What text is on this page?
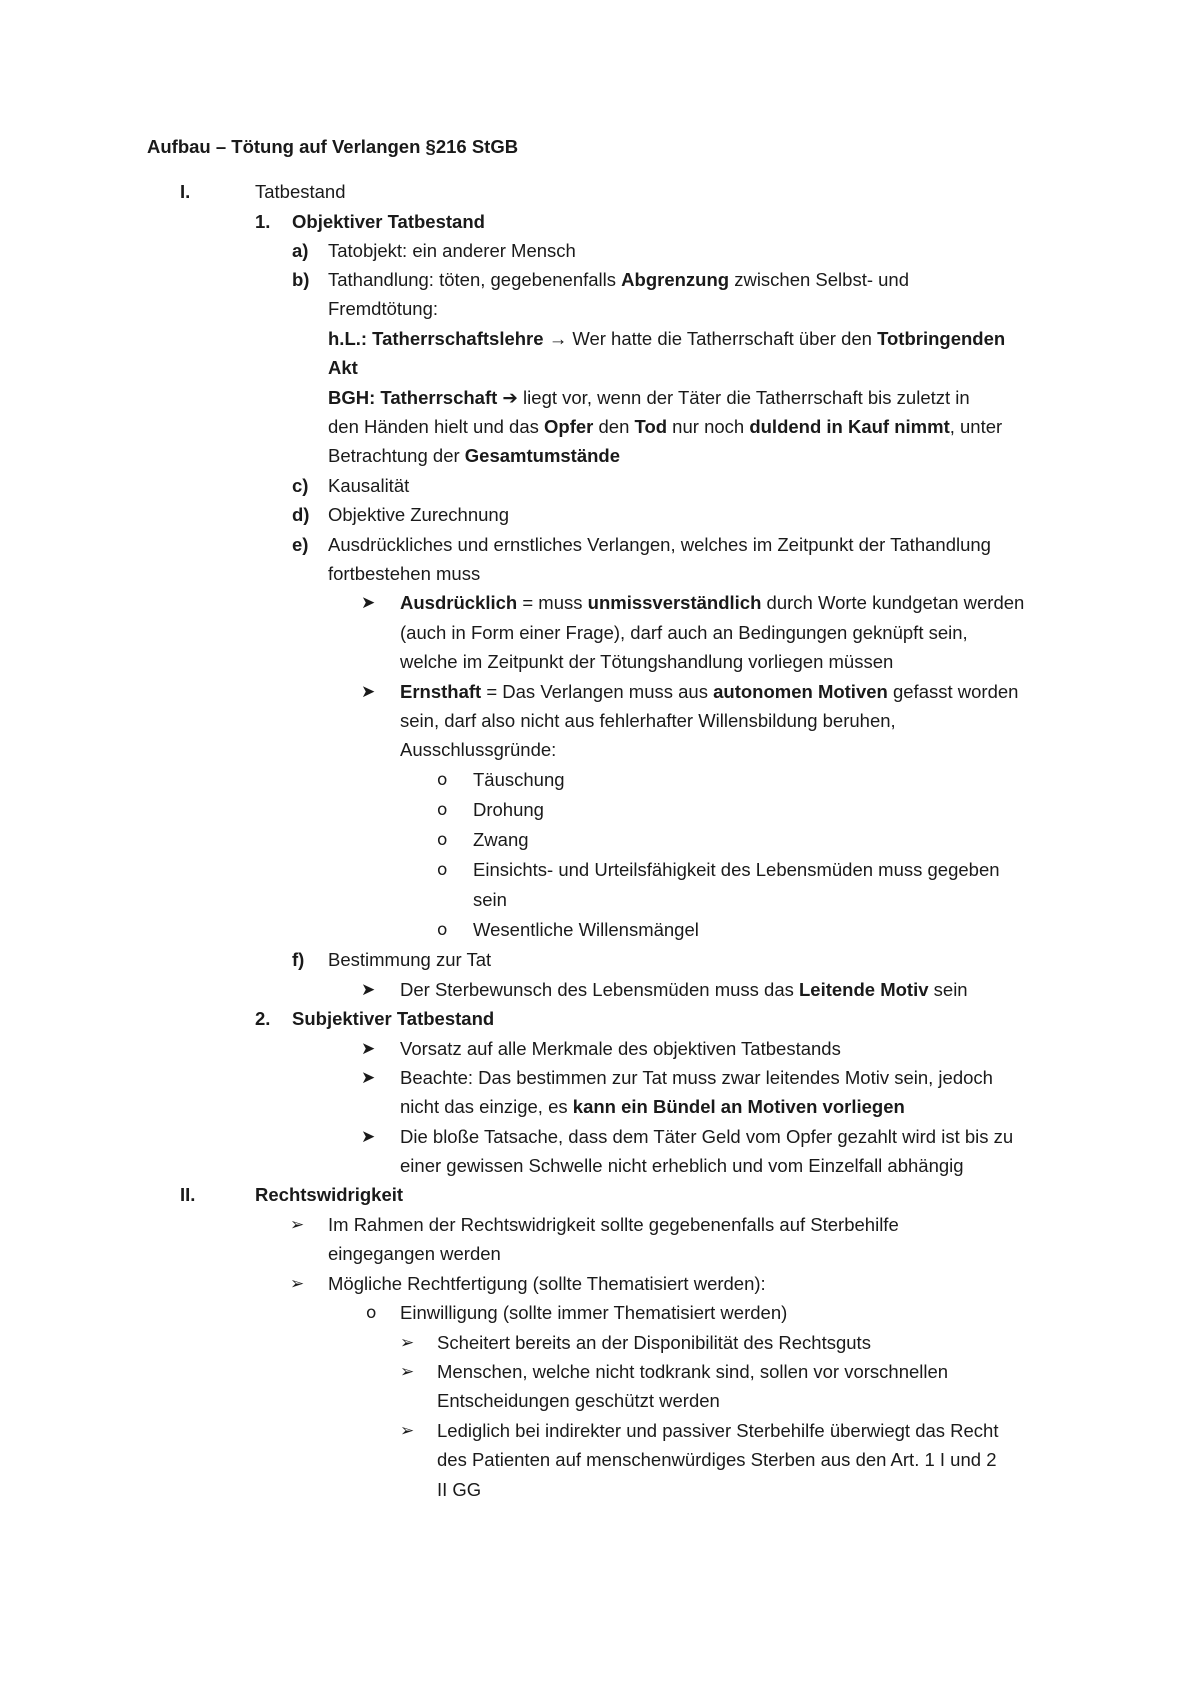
Aufbau – Tötung auf Verlangen §216 StGB
I.	Tatbestand
1. Objektiver Tatbestand
a) Tatobjekt: ein anderer Mensch
b) Tathandlung: töten, gegebenenfalls Abgrenzung zwischen Selbst- und
Fremdtötung:
h.L.: Tatherrschaftslehre → Wer hatte die Tatherrschaft über den Totbringenden
Akt
BGH: Tatherrschaft ➔ liegt vor, wenn der Täter die Tatherrschaft bis zuletzt in
den Händen hielt und das Opfer den Tod nur noch duldend in Kauf nimmt, unter
Betrachtung der Gesamtumstände
c) Kausalität
d) Objektive Zurechnung
e) Ausdrückliches und ernstliches Verlangen, welches im Zeitpunkt der Tathandlung
fortbestehen muss
➤ Ausdrücklich = muss unmissverständlich durch Worte kundgetan werden
(auch in Form einer Frage), darf auch an Bedingungen geknüpft sein,
welche im Zeitpunkt der Tötungshandlung vorliegen müssen
➤ Ernsthaft = Das Verlangen muss aus autonomen Motiven gefasst worden
sein, darf also nicht aus fehlerhafter Willensbildung beruhen,
Ausschlussgründe:
o Täuschung
o Drohung
o Zwang
o Einsichts- und Urteilsfähigkeit des Lebensmüden muss gegeben
sein
o Wesentliche Willensmängel
f) Bestimmung zur Tat
➤ Der Sterbewunsch des Lebensmüden muss das Leitende Motiv sein
2. Subjektiver Tatbestand
➤ Vorsatz auf alle Merkmale des objektiven Tatbestands
➤ Beachte: Das bestimmen zur Tat muss zwar leitendes Motiv sein, jedoch
nicht das einzige, es kann ein Bündel an Motiven vorliegen
➤ Die bloße Tatsache, dass dem Täter Geld vom Opfer gezahlt wird ist bis zu
einer gewissen Schwelle nicht erheblich und vom Einzelfall abhängig
II.	Rechtswidrigkeit
➢ Im Rahmen der Rechtswidrigkeit sollte gegebenenfalls auf Sterbehilfe
eingegangen werden
➢ Mögliche Rechtfertigung (sollte Thematisiert werden):
o Einwilligung (sollte immer Thematisiert werden)
➢ Scheitert bereits an der Disponibilität des Rechtsguts
➢ Menschen, welche nicht todkrank sind, sollen vor vorschnellen
Entscheidungen geschützt werden
➢ Lediglich bei indirekter und passiver Sterbehilfe überwiegt das Recht
des Patienten auf menschenwürdiges Sterben aus den Art. 1 I und 2
II GG
